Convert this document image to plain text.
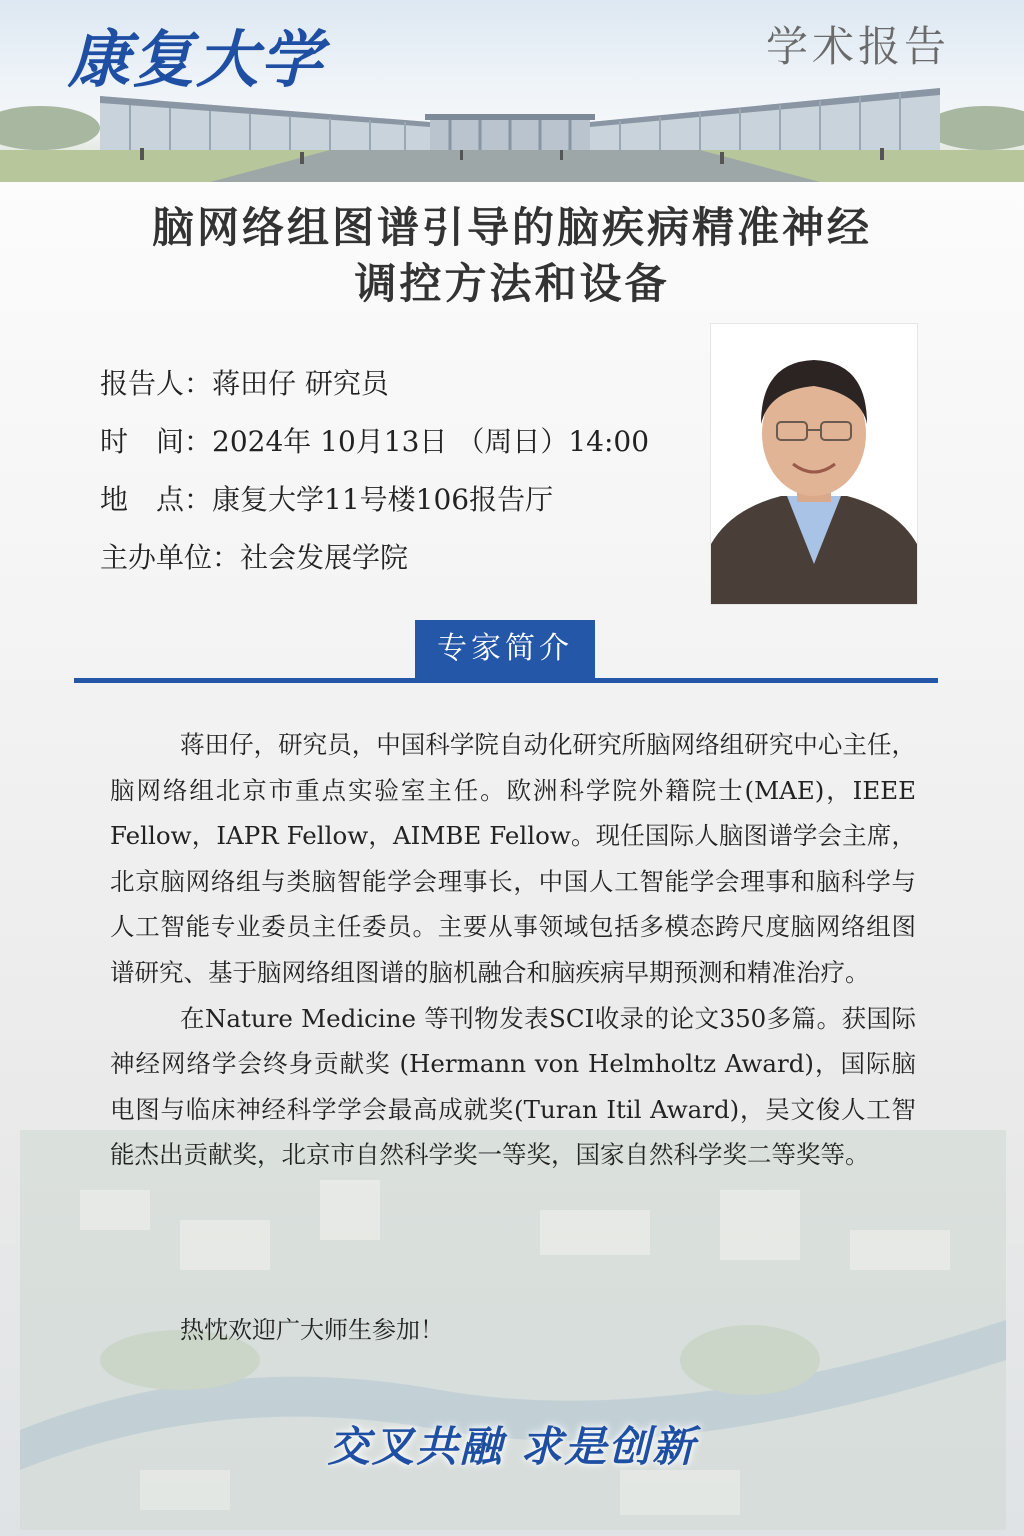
康复大学	学术报告
脑网络组图谱引导的脑疾病精准神经
调控方法和设备
报告人：蒋田仔 研究员
时　间：2024年 10月13日 （周日）14:00
地　点：康复大学11号楼106报告厅
主办单位：社会发展学院
专家简介

蒋田仔，研究员，中国科学院自动化研究所脑网络组研究中心主任，脑网络组北京市重点实验室主任。欧洲科学院外籍院士(MAE)，IEEE Fellow，IAPR Fellow，AIMBE Fellow。现任国际人脑图谱学会主席，北京脑网络组与类脑智能学会理事长，中国人工智能学会理事和脑科学与人工智能专业委员主任委员。主要从事领域包括多模态跨尺度脑网络组图谱研究、基于脑网络组图谱的脑机融合和脑疾病早期预测和精准治疗。

在Nature Medicine 等刊物发表SCI收录的论文350多篇。获国际神经网络学会终身贡献奖 (Hermann von Helmholtz Award)，国际脑电图与临床神经科学学会最高成就奖(Turan Itil Award)，吴文俊人工智能杰出贡献奖，北京市自然科学奖一等奖，国家自然科学奖二等奖等。

热忱欢迎广大师生参加！
交叉共融 求是创新
